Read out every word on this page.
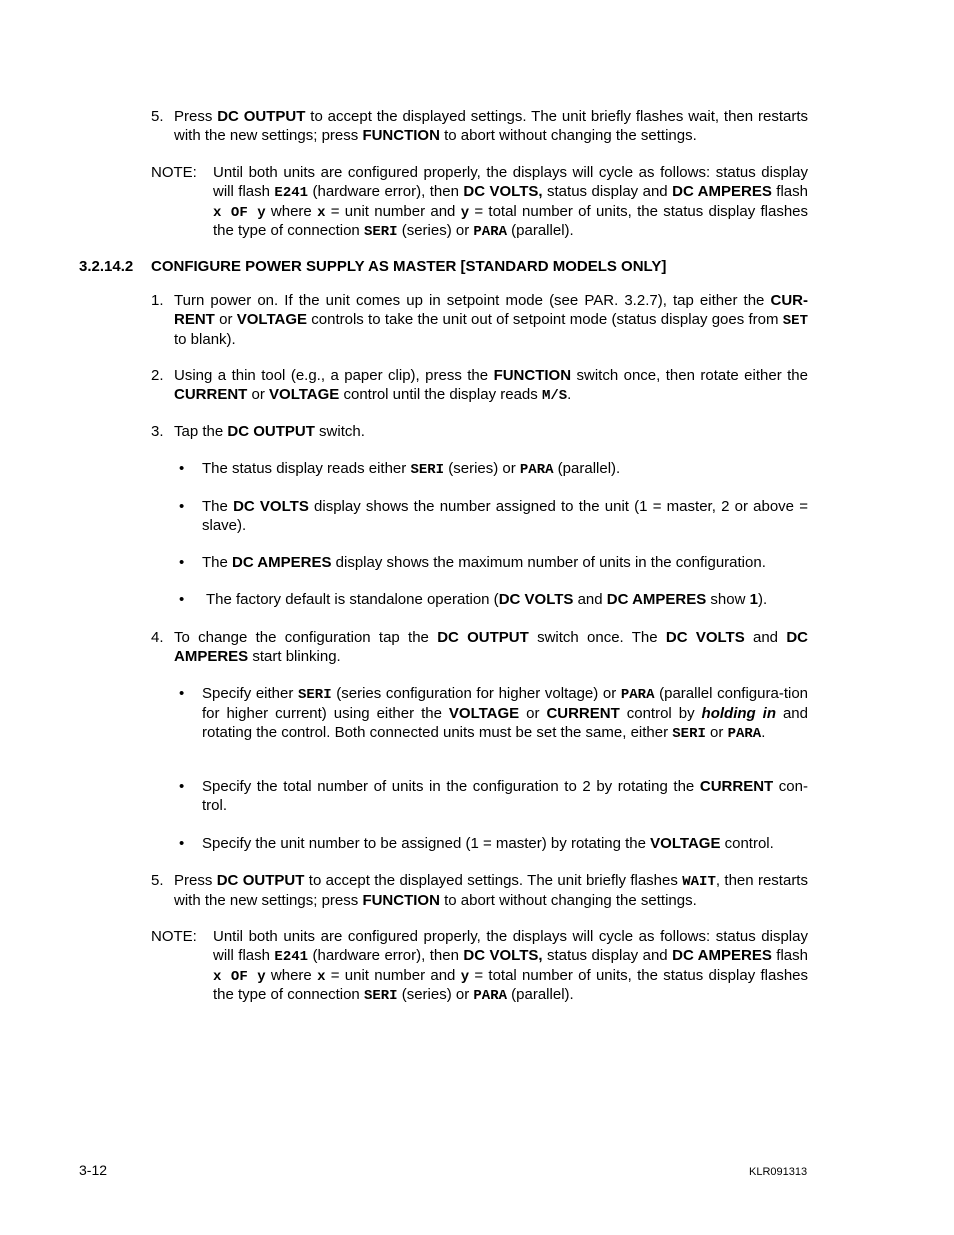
5. Press DC OUTPUT to accept the displayed settings. The unit briefly flashes wait, then restarts with the new settings; press FUNCTION to abort without changing the settings.
NOTE: Until both units are configured properly, the displays will cycle as follows: status display will flash E241 (hardware error), then DC VOLTS, status display and DC AMPERES flash x OF y where x = unit number and y = total number of units, the status display flashes the type of connection SERI (series) or PARA (parallel).
3.2.14.2 CONFIGURE POWER SUPPLY AS MASTER [STANDARD MODELS ONLY]
1. Turn power on. If the unit comes up in setpoint mode (see PAR. 3.2.7), tap either the CUR-RENT or VOLTAGE controls to take the unit out of setpoint mode (status display goes from SET to blank).
2. Using a thin tool (e.g., a paper clip), press the FUNCTION switch once, then rotate either the CURRENT or VOLTAGE control until the display reads M/S.
3. Tap the DC OUTPUT switch.
• The status display reads either SERI (series) or PARA (parallel).
• The DC VOLTS display shows the number assigned to the unit (1 = master, 2 or above = slave).
• The DC AMPERES display shows the maximum number of units in the configuration.
• The factory default is standalone operation (DC VOLTS and DC AMPERES show 1).
4. To change the configuration tap the DC OUTPUT switch once. The DC VOLTS and DC AMPERES start blinking.
• Specify either SERI (series configuration for higher voltage) or PARA (parallel configura-tion for higher current) using either the VOLTAGE or CURRENT control by holding in and rotating the control. Both connected units must be set the same, either SERI or PARA.
• Specify the total number of units in the configuration to 2 by rotating the CURRENT con-trol.
• Specify the unit number to be assigned (1 = master) by rotating the VOLTAGE control.
5. Press DC OUTPUT to accept the displayed settings. The unit briefly flashes WAIT, then restarts with the new settings; press FUNCTION to abort without changing the settings.
NOTE: Until both units are configured properly, the displays will cycle as follows: status display will flash E241 (hardware error), then DC VOLTS, status display and DC AMPERES flash x OF y where x = unit number and y = total number of units, the status display flashes the type of connection SERI (series) or PARA (parallel).
3-12	KLR091313
